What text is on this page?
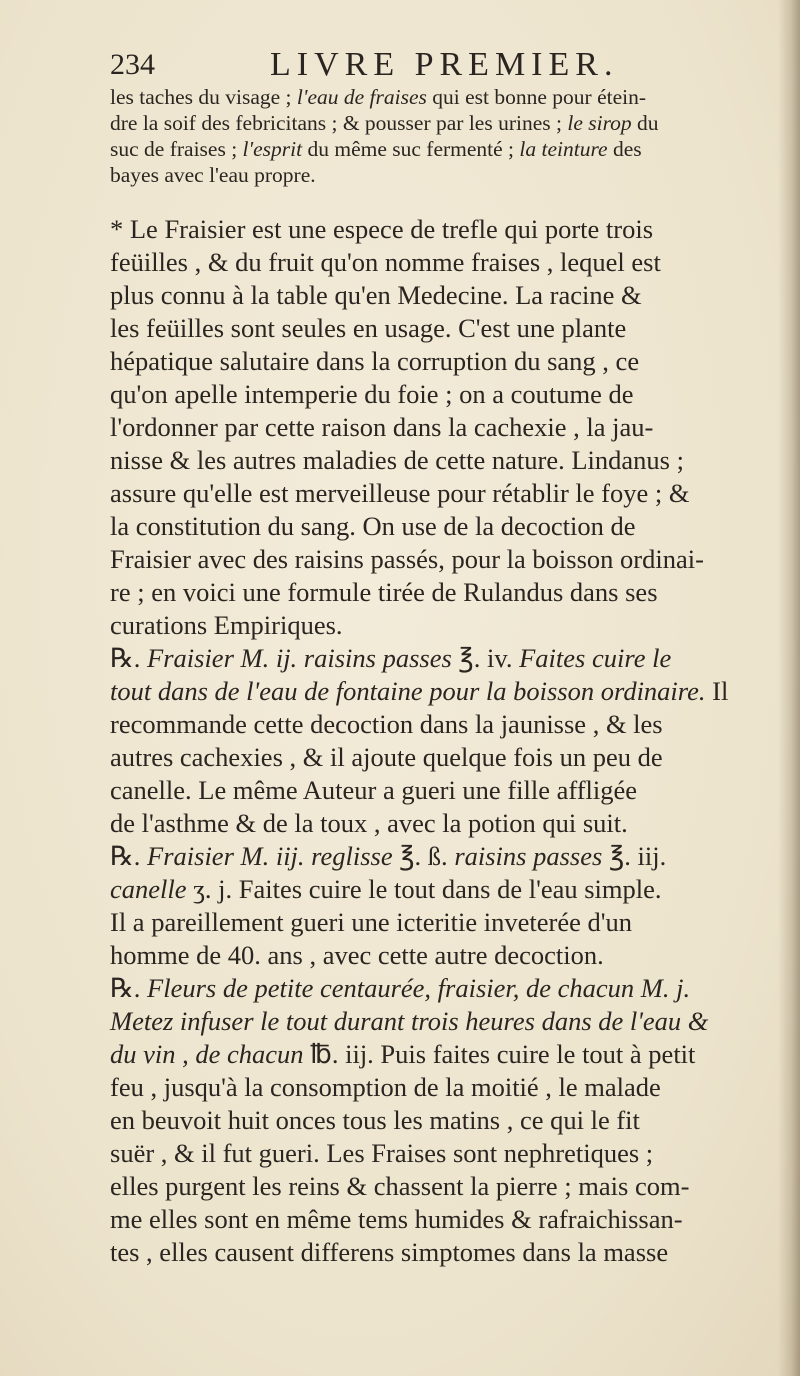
234	LIVRE PREMIER.
les taches du visage ; l'eau de fraises qui est bonne pour étein-
dre la soif des febricitans ; & pousser par les urines ; le sirop du
suc de fraises ; l'esprit du même suc fermenté ; la teinture des
bayes avec l'eau propre.
* Le Fraisier est une espece de trefle qui porte trois
feüilles , & du fruit qu'on nomme fraises , lequel est
plus connu à la table qu'en Medecine. La racine &
les feüilles sont seules en usage. C'est une plante
hépatique salutaire dans la corruption du sang , ce
qu'on apelle intemperie du foie ; on a coutume de
l'ordonner par cette raison dans la cachexie , la jau-
nisse & les autres maladies de cette nature. Lindanus ;
assure qu'elle est merveilleuse pour rétablir le foye ; &
la constitution du sang. On use de la decoction de
Fraisier avec des raisins passés, pour la boisson ordinai-
re ; en voici une formule tirée de Rulandus dans ses
curations Empiriques.
℞. Fraisier M. ij. raisins passes ℥. iv. Faites cuire le
tout dans de l'eau de fontaine pour la boisson ordinaire. Il
recommande cette decoction dans la jaunisse , & les
autres cachexies , & il ajoute quelque fois un peu de
canelle. Le même Auteur a gueri une fille affligée
de l'asthme & de la toux , avec la potion qui suit.
℞. Fraisier M. iij. reglisse ℥. ß. raisins passes ℥. iij.
canelle ʒ. j. Faites cuire le tout dans de l'eau simple.
Il a pareillement gueri une icteritie inveterée d'un
homme de 40. ans , avec cette autre decoction.
℞. Fleurs de petite centaurée, fraisier, de chacun M. j.
Metez infuser le tout durant trois heures dans de l'eau &
du vin , de chacun ℔. iij. Puis faites cuire le tout à petit
feu , jusqu'à la consomption de la moitié , le malade
en beuvoit huit onces tous les matins , ce qui le fit
suër , & il fut gueri. Les Fraises sont nephretiques ;
elles purgent les reins & chassent la pierre ; mais com-
me elles sont en même tems humides & rafraichissan-
tes , elles causent differens simptomes dans la masse
